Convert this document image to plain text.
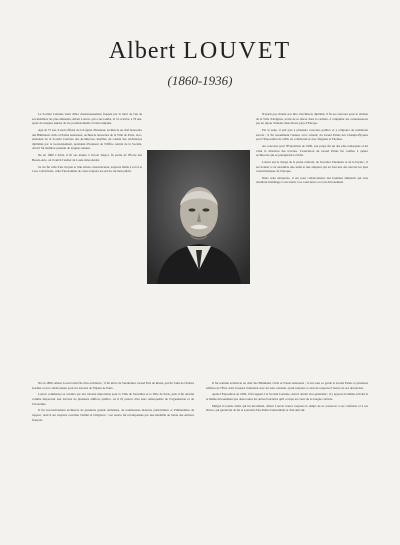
Albert LOUVET
(1860-1936)

La Société Centrale vient d'être douloureusement frappée par la mort de l'un de ses membres les plus éminents, Albert Louvet, qui a succombé, le 31 octobre, à 76 ans, après de longues années de vie professionnelle si bien remplies.

Agé de 75 ans, il était officier de la Légion d'honneur, architecte en chef honoraire des Bâtiments civils et Palais nationaux, architecte honoraire de la Ville de Paris, vice-président de la Société Centrale des Architectes, membre du comité des Architectes diplômés par le Gouvernement, président d'honneur de l'Office central de la Société, dont il fut membre pendant de longues années.

Né en 1860 à Paris, il fit ses études à l'école Turgot, fit partie de l'École des Beaux-Arts, où il suivit l'atelier de Louis-Jules André.

Sa vie fut celle d'un citoyen et d'un artiste consciencieux, toujours fidèle à sa foi et à ses convictions, celle d'un homme de cœur toujours au service du bien public.

N'ayant pas obtenu son titre d'architecte diplômé, il fit au concours pour le tableau de la Ville d'Avignon, avant de se lancer dans la carrière, à compléter ses connaissances par un séjour d'études dans divers pays d'Europe.

Par la suite, il prit part à plusieurs concours publics et y remporta de nombreux succès ; il fut notamment l'auteur, avec Girault, du Grand Palais des Champs-Élysées pour l'Exposition de 1900, en collaboration avec Deglane et Thomas.

Au concours pour l'Exposition de 1900, son projet fut un des plus remarqués et lui valut la direction des travaux. L'exécution du Grand Palais fut confiée à quatre architectes qui se partagèrent la tâche.

Louvet eut la charge de la partie centrale, de l'escalier d'honneur et de la façade ; il sut donner à cet ensemble une unité et une ampleur qui en font une des œuvres les plus caractéristiques de l'époque.

Dans cette entreprise, il eut pour collaborateurs des hommes éminents qui tous rendirent hommage à son talent, à sa conscience et à son dévouement.

Né en 1860, Albert Louvet était fils d'un architecte ; il fut élève de Vaudremer, Grand Prix de Rome, qui fut l'ami de Charles Garnier et son collaborateur pour les travaux de l'Opéra de Paris.

Louvet commença sa carrière par des travaux importants pour la Ville de Versailles et la Ville de Paris, puis il fut attaché comme inspecteur aux travaux de plusieurs édifices publics, où il fit preuve d'un sens remarquable de l'organisation et de l'économie.

Il fut successivement architecte de plusieurs grands domaines, de nombreuses maisons particulières et d'immeubles de rapport, dont il sut toujours concilier l'utilité et l'élégance ; son œuvre fut récompensée par une médaille au Salon des Artistes français.

Il fut nommé architecte en chef des Bâtiments civils et Palais nationaux ; il eut sous sa garde le Grand Palais et plusieurs édifices de l'État, dont il assura l'entretien avec un soin constant, ayant toujours à cœur de respecter l'œuvre de ses devanciers.

Après l'Exposition de 1900, il fut appelé à la Société Centrale, dont il devint vice-président ; il y apporta la même activité et le même dévouement que dans toutes les autres fonctions qu'il occupa au cours de sa longue carrière.

Malgré la lourde tâche qui lui incombait, Albert Louvet trouva toujours le temps de se consacrer à ses confrères et à ses élèves, qui garderont de lui le souvenir d'un maître bienveillant et d'un ami sûr.
